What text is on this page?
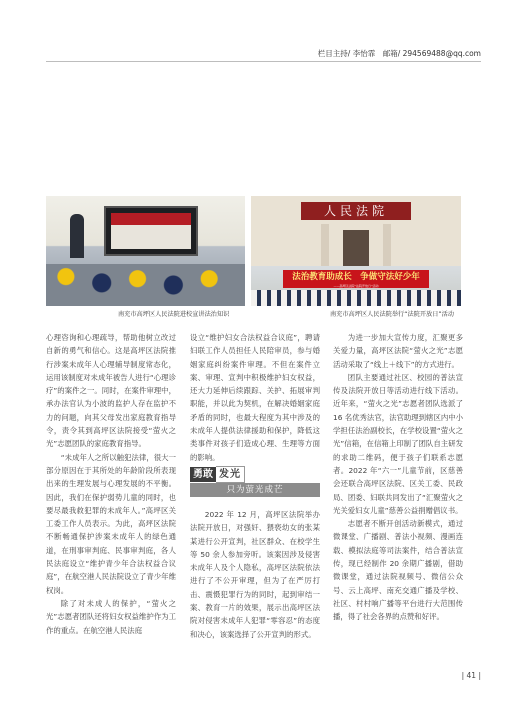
栏目主持/ 李怡霏　邮箱/ 294569488@qq.com
人民法院
法治教育助成长　争做守法好少年
——高坪区法院“法院开放日”活动
南充市高坪区人民法院进校宣讲法治知识	南充市高坪区人民法院举行“法院开放日”活动

心理咨询和心理疏导，帮助他树立改过自新的勇气和信心。这是高坪区法院推行涉案未成年人心理辅导制度常态化，运用该制度对未成年被告人进行“心理诊疗”的案件之一。同时，在案件审理中，承办法官认为小波的监护人存在监护不力的问题，向其父母发出家庭教育指导令，责令其到高坪区法院接受“萤火之光”志愿团队的家庭教育指导。

“未成年人之所以触犯法律，很大一部分原因在于其所处的年龄阶段所表现出来的生理发展与心理发展的不平衡。因此，我们在保护弱势儿童的同时，也要尽最我救犯罪的未成年人。”高坪区关工委工作人员表示。为此，高坪区法院不断畅通保护涉案未成年人的绿色通道，在刑事审判庭、民事审判庭，各人民法庭设立“维护青少年合法权益合议庭”，在航空港人民法院设立了青少年维权岗。

除了对未成人的保护，“萤火之光”志愿者团队还将妇女权益维护作为工作的重点。在航空港人民法庭

设立“维护妇女合法权益合议庭”，聘请妇联工作人员担任人民陪审员，参与婚姻家庭纠纷案件审理。不但在案件立案、审理、宣判中积极维护妇女权益，还大力延伸后续跟踪、关护、拓展审判职能，并以此为契机，在解决婚姻家庭矛盾的同时，也最大程度为其中涉及的未成年人提供法律援助和保护，降低这类事件对孩子们造成心理、生理等方面的影响。

勇敢 发光
只为萤光成芒

2022 年 12 月，高坪区法院举办法院开放日，对强奸、猥亵幼女的张某某进行公开宣判，社区群众、在校学生等 50 余人参加旁听。该案因涉及侵害未成年人及个人隐私，高坪区法院依法进行了不公开审理，但为了在严厉打击、震慑犯罪行为的同时，起到审结一案、教育一片的效果，展示出高坪区法院对侵害未成年人犯罪“零容忍”的态度和决心，该案选择了公开宣判的形式。

为进一步加大宣传力度，汇聚更多关爱力量，高坪区法院“萤火之光”志愿活动采取了“线上＋线下”的方式进行。

团队主要通过社区、校园的普法宣传及法院开放日等活动进行线下活动。近年来，“萤火之光”志愿者团队选派了 16 名优秀法官，法官助理到辖区内中小学担任法治副校长，在学校设置“萤火之光”信箱，在信箱上印制了团队自主研发的求助二维码，便于孩子们联系志愿者。2022 年“六一”儿童节前，区慈善会还联合高坪区法院、区关工委、民政局、团委、妇联共同发出了“汇聚萤火之光关爱妇女儿童”慈善公益捐赠倡议书。

志愿者不断开创活动新模式，通过微课堂、广播剧、普法小视频、漫画连载、模拟法庭等司法案件，结合普法宣传，现已经制作 20 余期广播剧，借助微课堂，通过法院视频号、微信公众号、云上高坪、南充交通广播及学校、社区、村村响广播等平台进行大范围传播，得了社会各界的点赞和好评。

| 41 |
